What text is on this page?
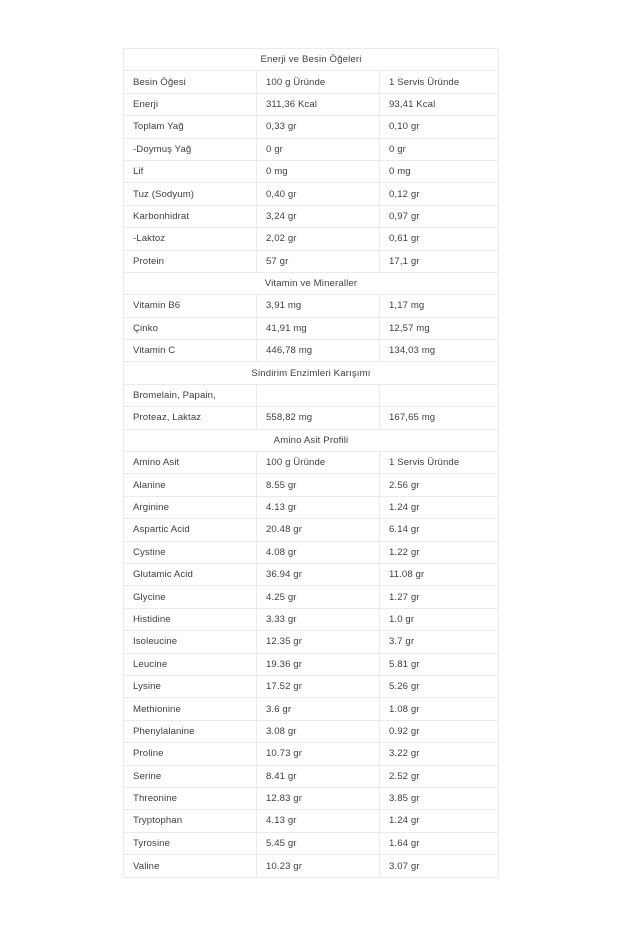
Enerji ve Besin Öğeleri
Besin Öğesi	100 g Üründe	1 Servis Üründe
Enerji	311,36 Kcal	93,41 Kcal
Toplam Yağ	0,33 gr	0,10 gr
-Doymuş Yağ	0 gr	0 gr
Lif	0 mg	0 mg
Tuz (Sodyum)	0,40 gr	0,12 gr
Karbonhidrat	3,24 gr	0,97 gr
-Laktoz	2,02 gr	0,61 gr
Protein	57 gr	17,1 gr
Vitamin ve Mineraller
Vitamin B6	3,91 mg	1,17 mg
Çinko	41,91 mg	12,57 mg
Vitamin C	446,78 mg	134,03 mg
Sindirim Enzimleri Karışımı
Bromelain, Papain,
Proteaz, Laktaz	558,82 mg	167,65 mg
Amino Asit Profili
Amino Asit	100 g Üründe	1 Servis Üründe
Alanine	8.55 gr	2.56 gr
Arginine	4.13 gr	1.24 gr
Aspartic Acid	20.48 gr	6.14 gr
Cystine	4.08 gr	1.22 gr
Glutamic Acid	36.94 gr	11.08 gr
Glycine	4.25 gr	1.27 gr
Histidine	3.33 gr	1.0 gr
Isoleucine	12.35 gr	3.7 gr
Leucine	19.36 gr	5.81 gr
Lysine	17.52 gr	5.26 gr
Methionine	3.6 gr	1.08 gr
Phenylalanine	3.08 gr	0.92 gr
Proline	10.73 gr	3.22 gr
Serine	8.41 gr	2.52 gr
Threonine	12.83 gr	3.85 gr
Tryptophan	4.13 gr	1.24 gr
Tyrosine	5.45 gr	1.64 gr
Valine	10.23 gr	3.07 gr
